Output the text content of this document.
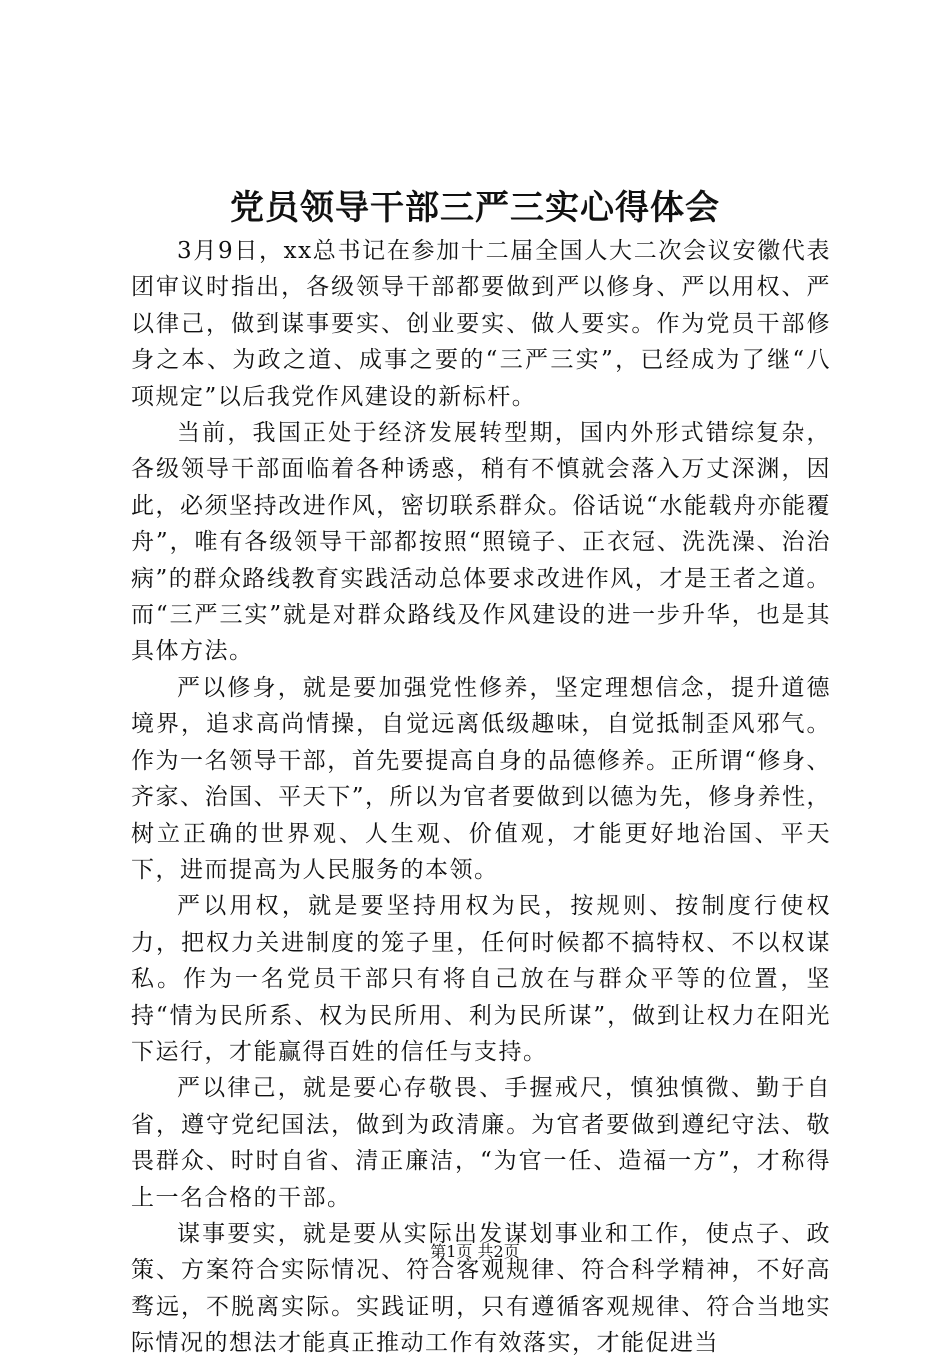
党员领导干部三严三实心得体会

3月9日，xx总书记在参加十二届全国人大二次会议安徽代表团审议时指出，各级领导干部都要做到严以修身、严以用权、严以律己，做到谋事要实、创业要实、做人要实。作为党员干部修身之本、为政之道、成事之要的“三严三实”，已经成为了继“八项规定”以后我党作风建设的新标杆。

当前，我国正处于经济发展转型期，国内外形式错综复杂，各级领导干部面临着各种诱惑，稍有不慎就会落入万丈深渊，因此，必须坚持改进作风，密切联系群众。俗话说“水能载舟亦能覆舟”，唯有各级领导干部都按照“照镜子、正衣冠、洗洗澡、治治病”的群众路线教育实践活动总体要求改进作风，才是王者之道。而“三严三实”就是对群众路线及作风建设的进一步升华，也是其具体方法。

严以修身，就是要加强党性修养，坚定理想信念，提升道德境界，追求高尚情操，自觉远离低级趣味，自觉抵制歪风邪气。作为一名领导干部，首先要提高自身的品德修养。正所谓“修身、齐家、治国、平天下”，所以为官者要做到以德为先，修身养性，树立正确的世界观、人生观、价值观，才能更好地治国、平天下，进而提高为人民服务的本领。

严以用权，就是要坚持用权为民，按规则、按制度行使权力，把权力关进制度的笼子里，任何时候都不搞特权、不以权谋私。作为一名党员干部只有将自己放在与群众平等的位置，坚持“情为民所系、权为民所用、利为民所谋”，做到让权力在阳光下运行，才能赢得百姓的信任与支持。

严以律己，就是要心存敬畏、手握戒尺，慎独慎微、勤于自省，遵守党纪国法，做到为政清廉。为官者要做到遵纪守法、敬畏群众、时时自省、清正廉洁，“为官一任、造福一方”，才称得上一名合格的干部。

谋事要实，就是要从实际出发谋划事业和工作，使点子、政策、方案符合实际情况、符合客观规律、符合科学精神，不好高骛远，不脱离实际。实践证明，只有遵循客观规律、符合当地实际情况的想法才能真正推动工作有效落实，才能促进当

第1页 共2页
